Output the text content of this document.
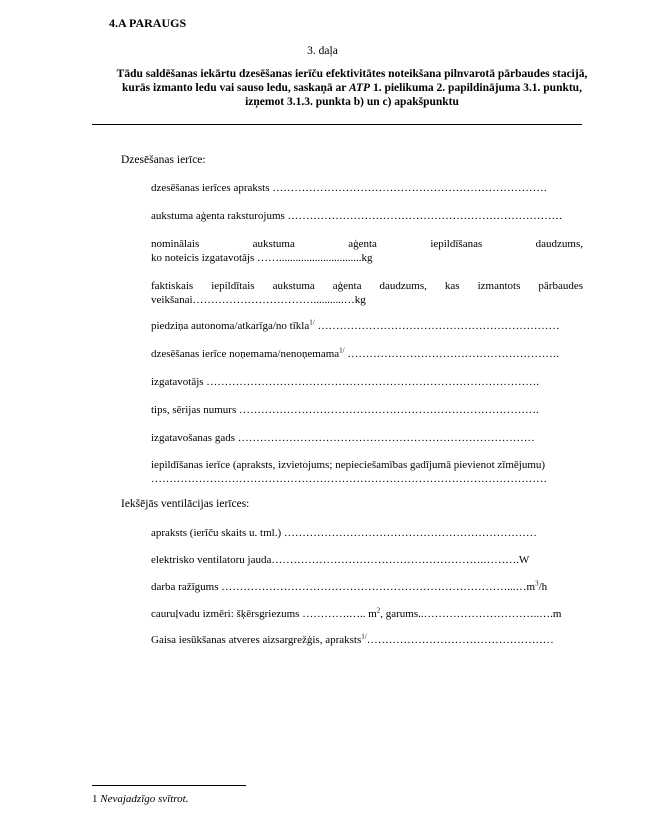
4.A PARAUGS
3. daļa
Tādu saldēšanas iekārtu dzesēšanas ierīču efektivitātes noteikšana pilnvarotā pārbaudes stacijā,
kurās izmanto ledu vai sauso ledu, saskaņā ar ATP 1. pielikuma 2. papildinājuma 3.1. punktu,
izņemot 3.1.3. punkta b) un c) apakšpunktu
Dzesēšanas ierīce:
dzesēšanas ierīces apraksts …………………………………………………………………
aukstuma aģenta raksturojums …………………………………………………………………
nominālais aukstuma aģenta iepildīšanas daudzums,
ko noteicis izgatavotājs ……..............................kg
faktiskais iepildītais aukstuma aģenta daudzums, kas izmantots pārbaudes
veikšanai……………………………...........…kg
piedziņa autonoma/atkarīga/no tīkla$^{1/}$ …………………………………………………………
dzesēšanas ierīce noņemama/nenoņemama$^{1/}$ ………………………………………………….
izgatavotājs ……………………………………………………………………………….
tips, sērijas numurs ……………………………………………………………………….
izgatavošanas gads ………………………………………………………………………
iepildīšanas ierīce (apraksts, izvietojums; nepieciešamības gadījumā pievienot zīmējumu)
………………………………………………………………………………………………
Iekšējās ventilācijas ierīces:
apraksts (ierīču skaits u. tml.) ……………………………………………………………
elektrisko ventilatoru jauda………………………………………………….……….W
darba ražīgums $\dots\dots\dots\dots\dots\dots\dots\dots\dots\dots\dots\dots\dots\dots\dots\dots\dots\dots\dots\dots\dots\dots\dots\dots\dots\dots...\dots m^3/h$
cauruļvadu izmēri: šķērsgriezums ………….….. $m^2$, garums..…………………………..….m
Gaisa iesūkšanas atveres aizsargrežģis, apraksts$^{1/}$……………………………………………
1 Nevajadzīgo svītrot.
